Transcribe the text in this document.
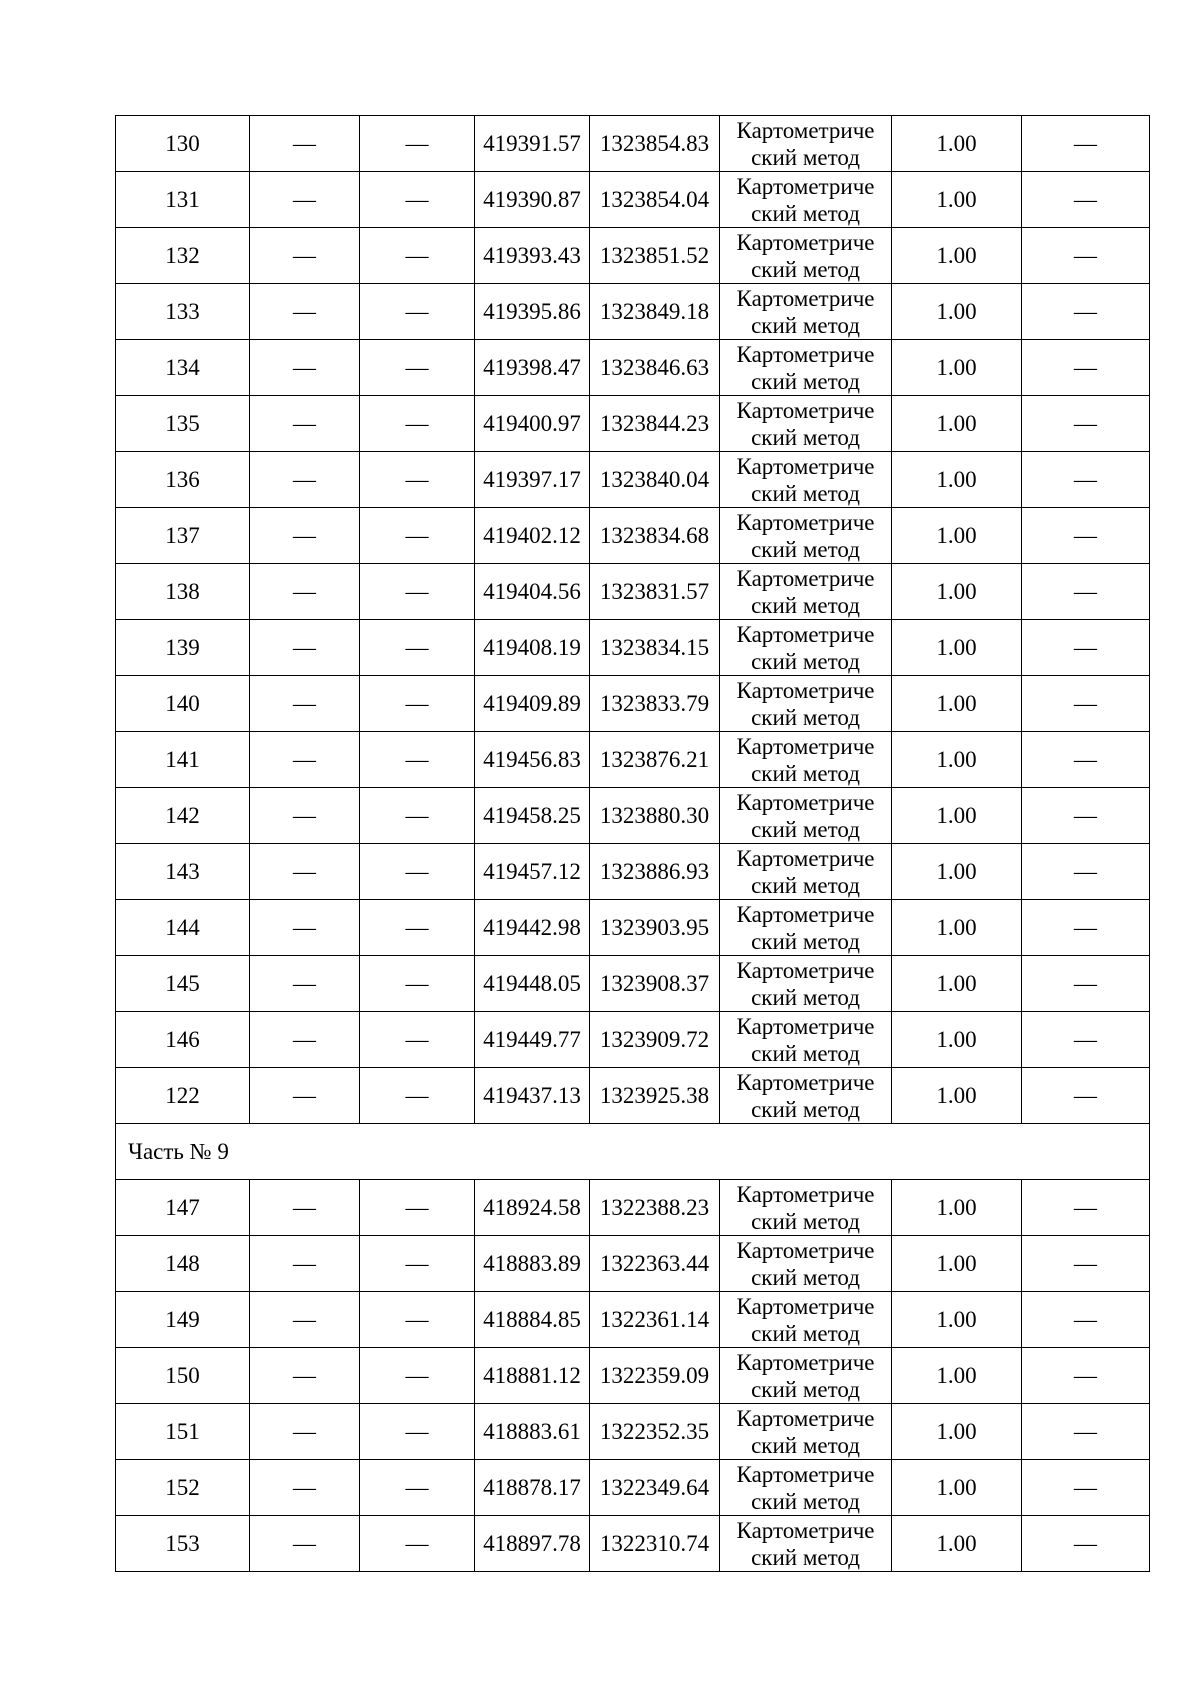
130	—	—	419391.57	1323854.83	Картометриче
ский метод	1.00	—
131	—	—	419390.87	1323854.04	Картометриче
ский метод	1.00	—
132	—	—	419393.43	1323851.52	Картометриче
ский метод	1.00	—
133	—	—	419395.86	1323849.18	Картометриче
ский метод	1.00	—
134	—	—	419398.47	1323846.63	Картометриче
ский метод	1.00	—
135	—	—	419400.97	1323844.23	Картометриче
ский метод	1.00	—
136	—	—	419397.17	1323840.04	Картометриче
ский метод	1.00	—
137	—	—	419402.12	1323834.68	Картометриче
ский метод	1.00	—
138	—	—	419404.56	1323831.57	Картометриче
ский метод	1.00	—
139	—	—	419408.19	1323834.15	Картометриче
ский метод	1.00	—
140	—	—	419409.89	1323833.79	Картометриче
ский метод	1.00	—
141	—	—	419456.83	1323876.21	Картометриче
ский метод	1.00	—
142	—	—	419458.25	1323880.30	Картометриче
ский метод	1.00	—
143	—	—	419457.12	1323886.93	Картометриче
ский метод	1.00	—
144	—	—	419442.98	1323903.95	Картометриче
ский метод	1.00	—
145	—	—	419448.05	1323908.37	Картометриче
ский метод	1.00	—
146	—	—	419449.77	1323909.72	Картометриче
ский метод	1.00	—
122	—	—	419437.13	1323925.38	Картометриче
ский метод	1.00	—
Часть № 9							
147	—	—	418924.58	1322388.23	Картометриче
ский метод	1.00	—
148	—	—	418883.89	1322363.44	Картометриче
ский метод	1.00	—
149	—	—	418884.85	1322361.14	Картометриче
ский метод	1.00	—
150	—	—	418881.12	1322359.09	Картометриче
ский метод	1.00	—
151	—	—	418883.61	1322352.35	Картометриче
ский метод	1.00	—
152	—	—	418878.17	1322349.64	Картометриче
ский метод	1.00	—
153	—	—	418897.78	1322310.74	Картометриче
ский метод	1.00	—
